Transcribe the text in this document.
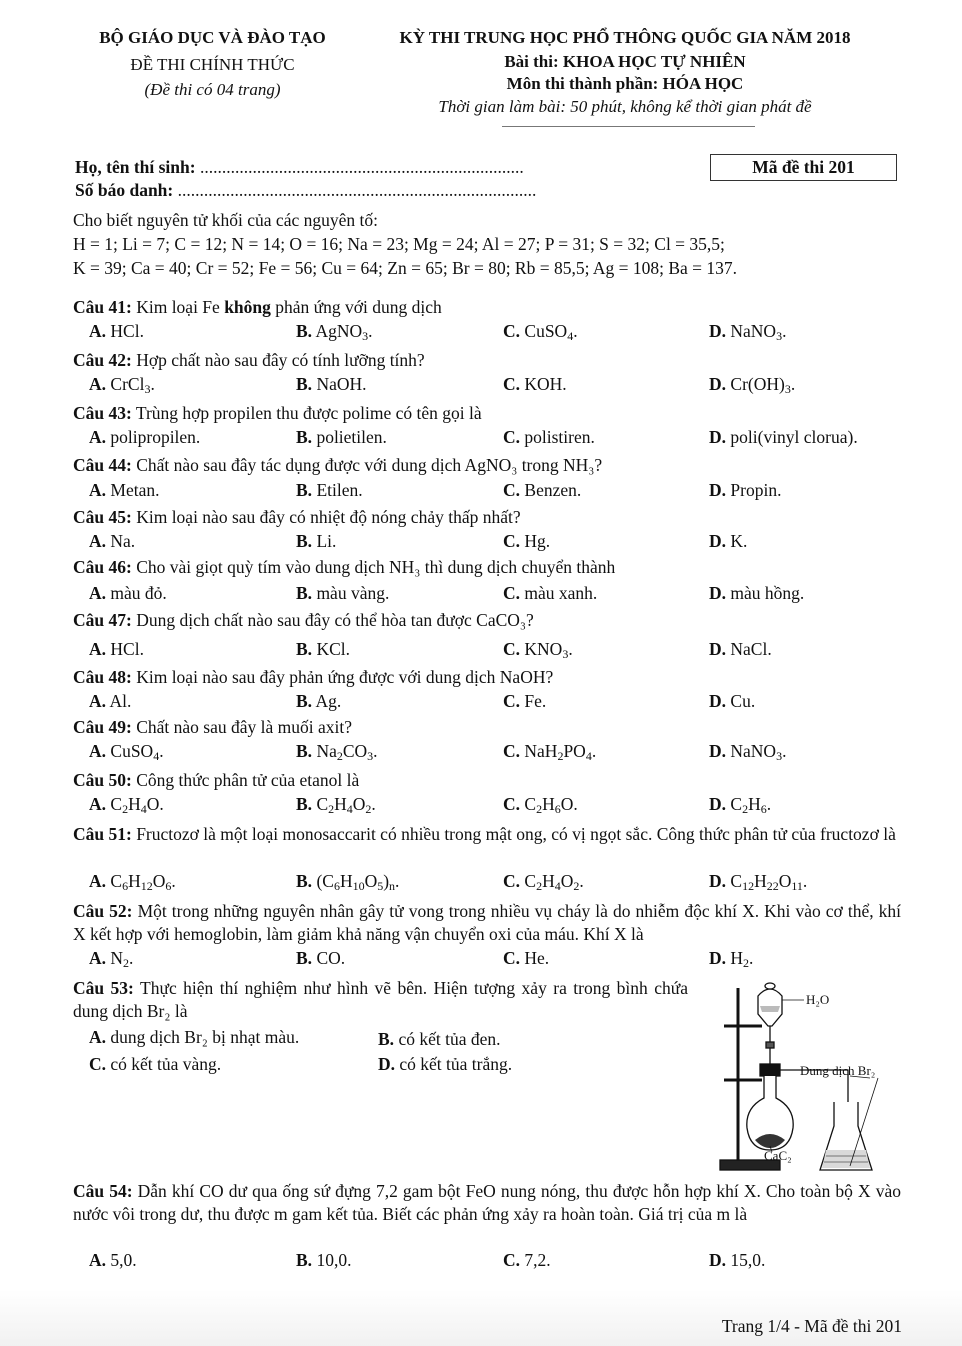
BỘ GIÁO DỤC VÀ ĐÀO TẠO
ĐỀ THI CHÍNH THỨC
(Đề thi có 04 trang)
KỲ THI TRUNG HỌC PHỔ THÔNG QUỐC GIA NĂM 2018
Bài thi: KHOA HỌC TỰ NHIÊN
Môn thi thành phần: HÓA HỌC
Thời gian làm bài: 50 phút, không kể thời gian phát đề
Họ, tên thí sinh: ..........................................................................
Số báo danh: ..................................................................................
Mã đề thi 201
Cho biết nguyên tử khối của các nguyên tố:
H = 1; Li = 7; C = 12; N = 14; O = 16; Na = 23; Mg = 24; Al = 27; P = 31; S = 32; Cl = 35,5;
K = 39; Ca = 40; Cr = 52; Fe = 56; Cu = 64; Zn = 65; Br = 80; Rb = 85,5; Ag = 108; Ba = 137.
Câu 41: Kim loại Fe không phản ứng với dung dịch
A. HCl.	B. AgNO$_3$.	C. CuSO$_4$.	D. NaNO$_3$.
Câu 42: Hợp chất nào sau đây có tính lưỡng tính?
A. CrCl$_3$.	B. NaOH.	C. KOH.	D. $Cr(OH)_3$.
Câu 43: Trùng hợp propilen thu được polime có tên gọi là
A. polipropilen.	B. polietilen.	C. polistiren.	D. poli(vinyl clorua).
Câu 44: Chất nào sau đây tác dụng được với dung dịch AgNO₃ trong NH₃?
A. Metan.	B. Etilen.	C. Benzen.	D. Propin.
Câu 45: Kim loại nào sau đây có nhiệt độ nóng chảy thấp nhất?
A. Na.	B. Li.	C. Hg.	D. K.
Câu 46: Cho vài giọt quỳ tím vào dung dịch NH₃ thì dung dịch chuyển thành
A. màu đỏ.	B. màu vàng.	C. màu xanh.	D. màu hồng.
Câu 47: Dung dịch chất nào sau đây có thể hòa tan được CaCO₃?
A. HCl.	B. KCl.	C. $KNO_3$.	D. NaCl.
Câu 48: Kim loại nào sau đây phản ứng được với dung dịch NaOH?
A. Al.	B. Ag.	C. Fe.	D. Cu.
Câu 49: Chất nào sau đây là muối axit?
A. CuSO$_4$.	B. $Na_2CO_3$.	C. $NaH_2PO_4$.	D. NaNO$_3$.
Câu 50: Công thức phân tử của etanol là
A. $C_2H_4O$.	B. $C_2H_4O_2$.	C. $C_2H_6O$.	D. $C_2H_6$.
Câu 51: Fructozơ là một loại monosaccarit có nhiều trong mật ong, có vị ngọt sắc. Công thức phân tử của fructozơ là
A. $C_6H_{12}O_6$.	B. $(C_6H_{10}O_5)_n$.	C. $C_2H_4O_2$.	D. $C_{12}H_{22}O_{11}$.
Câu 52: Một trong những nguyên nhân gây tử vong trong nhiều vụ cháy là do nhiễm độc khí X. Khi vào cơ thể, khí X kết hợp với hemoglobin, làm giảm khả năng vận chuyển oxi của máu. Khí X là
A. $N_2$.	B. CO.	C. He.	D. $H_2$.
Câu 53: Thực hiện thí nghiệm như hình vẽ bên. Hiện tượng xảy ra trong bình chứa dung dịch Br₂ là
A. dung dịch Br₂ bị nhạt màu.	B. có kết tủa đen.
C. có kết tủa vàng.	D. có kết tủa trắng.
H₂O
Dung dịch Br₂
CaC₂
Câu 54: Dẫn khí CO dư qua ống sứ đựng 7,2 gam bột FeO nung nóng, thu được hỗn hợp khí X. Cho toàn bộ X vào nước vôi trong dư, thu được m gam kết tủa. Biết các phản ứng xảy ra hoàn toàn. Giá trị của m là
A. 5,0.	B. 10,0.	C. 7,2.	D. 15,0.
Trang 1/4 - Mã đề thi 201
